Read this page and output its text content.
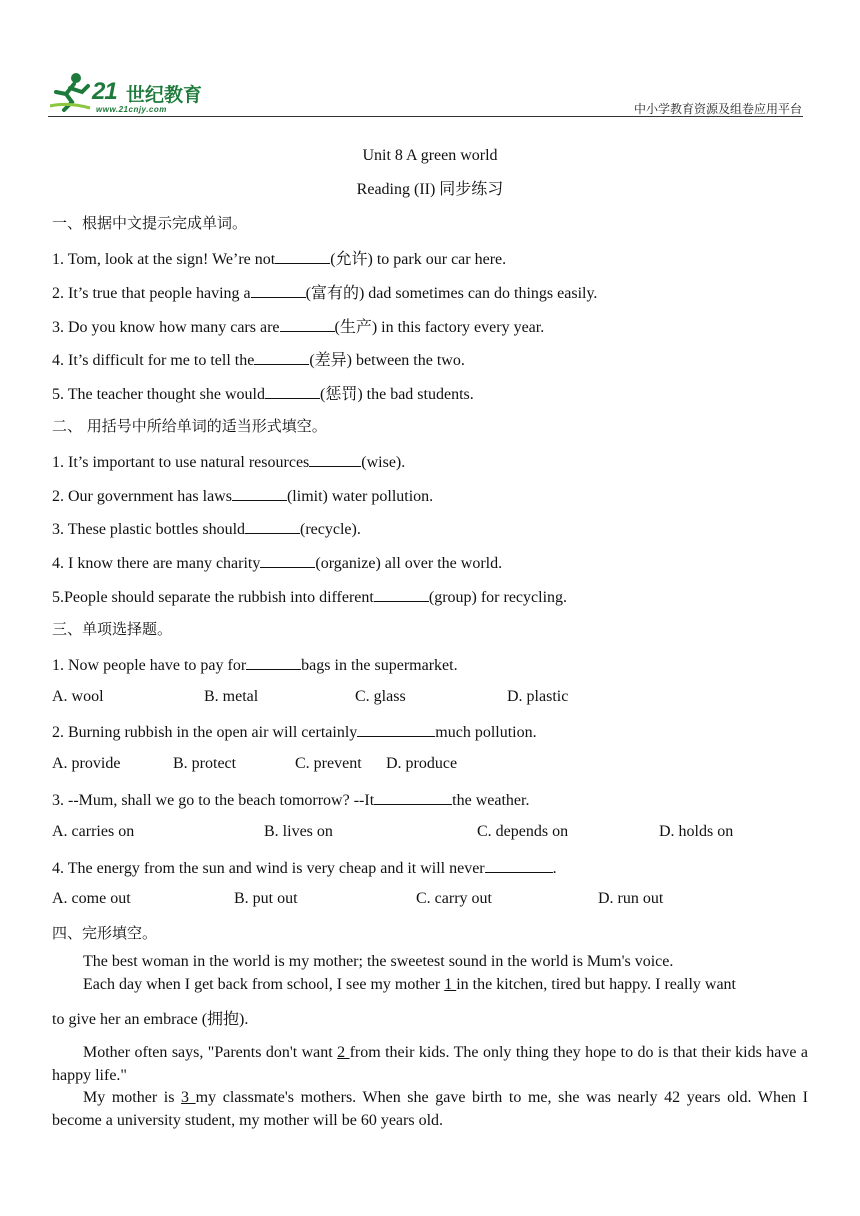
21 世纪教育
www.21cnjy.com	中小学教育资源及组卷应用平台
Unit 8 A green world
Reading (II) 同步练习
一、根据中文提示完成单词。
1. Tom, look at the sign! We’re not	(允许) to park our car here.
2. It’s true that people having a	(富有的) dad sometimes can do things easily.
3. Do you know how many cars are	(生产) in this factory every year.
4. It’s difficult for me to tell the	(差异) between the two.
5. The teacher thought she would	(惩罚) the bad students.
二、 用括号中所给单词的适当形式填空。
1. It’s important to use natural resources	(wise).
2. Our government has laws	(limit) water pollution.
3. These plastic bottles should	(recycle).
4. I know there are many charity	(organize) all over the world.
5.People should separate the rubbish into different	(group) for recycling.
三、单项选择题。
1. Now people have to pay for	bags in the supermarket.
A. wool	B. metal	C. glass	D. plastic
2. Burning rubbish in the open air will certainly	much pollution.
A. provide	B. protect	C. prevent D. produce
3. --Mum, shall we go to the beach tomorrow? --It	the weather.
A. carries on	B. lives on	C. depends on	D. holds on
4. The energy from the sun and wind is very cheap and it will never	.
A. come out	B. put out	C. carry out	D. run out
四、完形填空。
The best woman in the world is my mother; the sweetest sound in the world is Mum's voice.
Each day when I get back from school, I see my mother 1 in the kitchen, tired but happy. I really want
to give her an embrace (拥抱).
Mother often says, "Parents don't want 2 from their kids. The only thing they hope to do is that their kids have a happy life."
My mother is 3 my classmate's mothers. When she gave birth to me, she was nearly 42 years old. When I become a university student, my mother will be 60 years old.
